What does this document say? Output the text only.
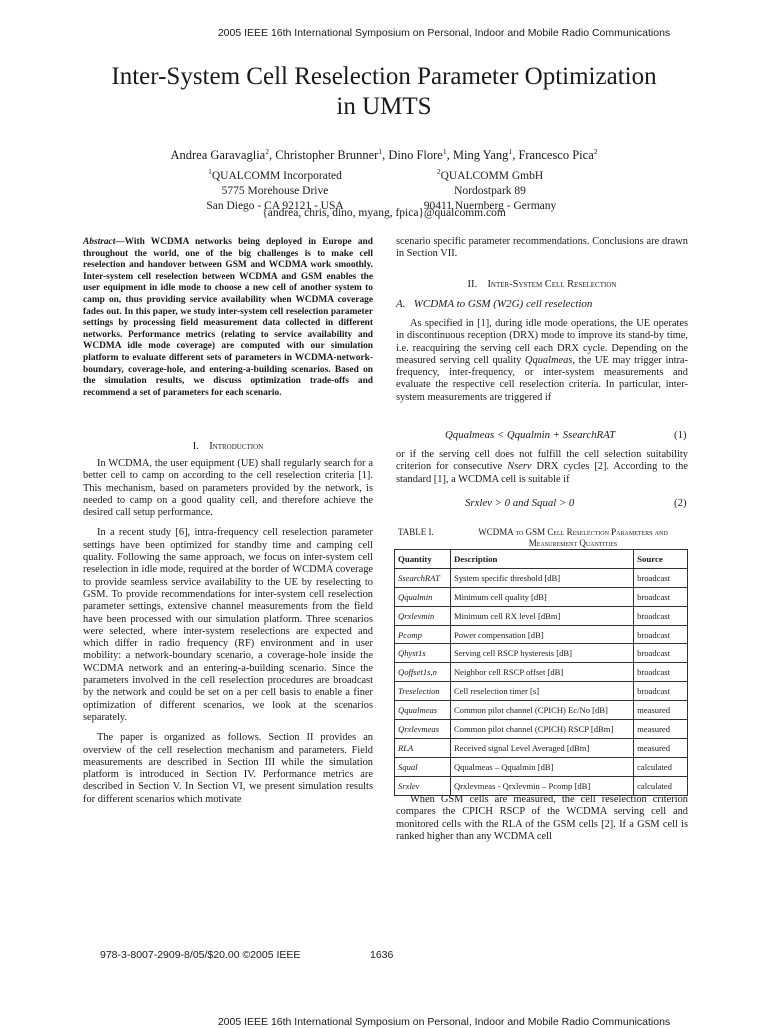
2005 IEEE 16th International Symposium on Personal, Indoor and Mobile Radio Communications
Inter-System Cell Reselection Parameter Optimization
in UMTS
Andrea Garavaglia$^2$, Christopher Brunner$^1$, Dino Flore$^1$, Ming Yang$^1$, Francesco Pica$^2$
$^1$QUALCOMM Incorporated
5775 Morehouse Drive
San Diego - CA 92121 - USA
$^2$QUALCOMM GmbH
Nordostpark 89
90411 Nuernberg - Germany
{andrea, chris, dino, myang, fpica}@qualcomm.com

Abstract—With WCDMA networks being deployed in Europe and throughout the world, one of the big challenges is to make cell reselection and handover between GSM and WCDMA work smoothly. Inter-system cell reselection between WCDMA and GSM enables the user equipment in idle mode to choose a new cell of another system to camp on, thus providing service availability when WCDMA coverage fades out. In this paper, we study inter-system cell reselection parameter settings by processing field measurement data collected in different networks. Performance metrics (relating to service availability and WCDMA idle mode coverage) are computed with our simulation platform to evaluate different sets of parameters in WCDMA-network-boundary, coverage-hole, and entering-a-building scenarios. Based on the simulation results, we discuss optimization trade-offs and recommend a set of parameters for each scenario.

I. Introduction

In WCDMA, the user equipment (UE) shall regularly search for a better cell to camp on according to the cell reselection criteria [1]. This mechanism, based on parameters provided by the network, is needed to camp on a good quality cell, and therefore achieve the desired call setup performance.

In a recent study [6], intra-frequency cell reselection parameter settings have been optimized for standby time and camping cell quality. Following the same approach, we focus on inter-system cell reselection in idle mode, required at the border of WCDMA coverage to provide seamless service availability to the UE by reselecting to GSM. To provide recommendations for inter-system cell reselection parameter settings, extensive channel measurements from the field have been processed with our simulation platform. Three scenarios were selected, where inter-system reselections are expected and which differ in radio frequency (RF) environment and in user mobility: a network-boundary scenario, a coverage-hole inside the WCDMA network and an entering-a-building scenario. Since the parameters involved in the cell reselection procedures are broadcast by the network and could be set on a per cell basis to enable a finer optimization of different scenarios, we look at the scenarios separately.

The paper is organized as follows. Section II provides an overview of the cell reselection mechanism and parameters. Field measurements are described in Section III while the simulation platform is introduced in Section IV. Performance metrics are described in Section V. In Section VI, we present simulation results for different scenarios which motivate

scenario specific parameter recommendations. Conclusions are drawn in Section VII.

II. Inter-System Cell Reselection
A. WCDMA to GSM (W2G) cell reselection

As specified in [1], during idle mode operations, the UE operates in discontinuous reception (DRX) mode to improve its stand-by time, i.e. reacquiring the serving cell each DRX cycle. Depending on the measured serving cell quality Qqualmeas, the UE may trigger intra-frequency, inter-frequency, or inter-system measurements and evaluate the respective cell reselection criteria. In particular, inter-system measurements are triggered if

Qqualmeas < Qqualmin + SsearchRAT	(1)

or if the serving cell does not fulfill the cell selection suitability criterion for consecutive Nserv DRX cycles [2]. According to the standard [1], a WCDMA cell is suitable if

Srxlev > 0 and Squal > 0	(2)
TABLE I.	WCDMA to GSM Cell Reselection Parameters and Measurement Quantities
Quantity	Description	Source
SsearchRAT	System specific threshold [dB]	broadcast
Qqualmin	Minimum cell quality [dB]	broadcast
Qrxlevmin	Minimum cell RX level [dBm]	broadcast
Pcomp	Power compensation [dB]	broadcast
Qhyst1s	Serving cell RSCP hysteresis [dB]	broadcast
Qoffset1s,n	Neighbor cell RSCP offset [dB]	broadcast
Treselection	Cell reselection timer [s]	broadcast
Qqualmeas	Common pilot channel (CPICH) Ec/No [dB]	measured
Qrxlevmeas	Common pilot channel (CPICH) RSCP [dBm]	measured
RLA	Received signal Level Averaged [dBm]	measured
Squal	Qqualmeas – Qqualmin [dB]	calculated
Srxlev	Qrxlevmeas - Qrxlevmin – Pcomp [dB]	calculated

When GSM cells are measured, the cell reselection criterion compares the CPICH RSCP of the WCDMA serving cell and monitored cells with the RLA of the GSM cells [2]. If a GSM cell is ranked higher than any WCDMA cell

978-3-8007-2909-8/05/$20.00 ©2005 IEEE	1636
2005 IEEE 16th International Symposium on Personal, Indoor and Mobile Radio Communications
